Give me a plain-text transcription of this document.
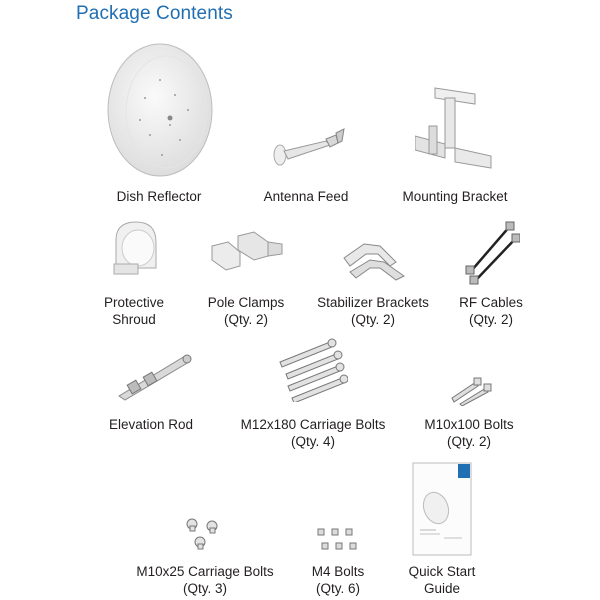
Package Contents
Dish Reflector	Antenna Feed	Mounting Bracket
Protective
Shroud
Pole Clamps
(Qty. 2)
Stabilizer Brackets
(Qty. 2)
RF Cables
(Qty. 2)
Elevation Rod	M12x180 Carriage Bolts
(Qty. 4)
M10x100 Bolts
(Qty. 2)
M10x25 Carriage Bolts
(Qty. 3)
M4 Bolts
(Qty. 6)
Quick Start
Guide
